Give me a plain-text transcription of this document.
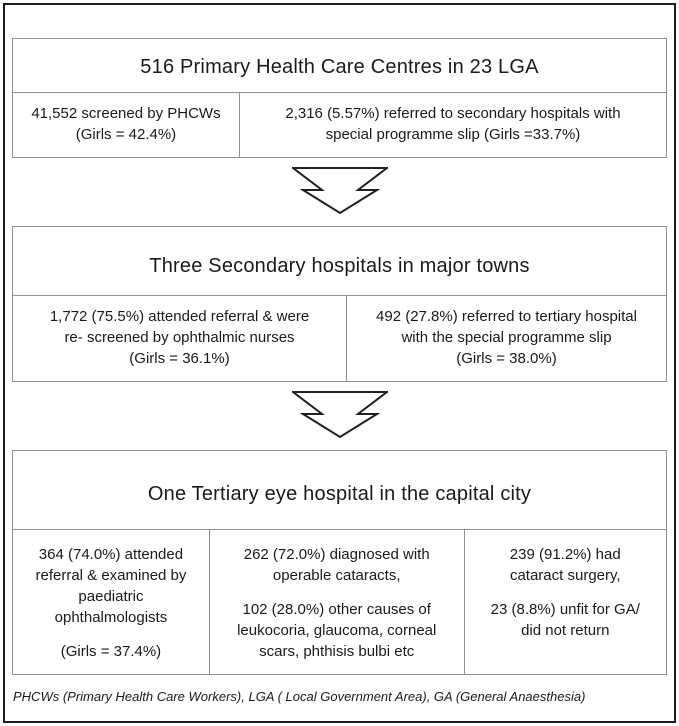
516 Primary Health Care Centres in 23 LGA
41,552 screened by PHCWs
(Girls = 42.4%)
2,316 (5.57%) referred to secondary hospitals with
special programme slip (Girls =33.7%)
Three Secondary hospitals in major towns
1,772 (75.5%) attended referral & were
re- screened by ophthalmic nurses
(Girls = 36.1%)
492 (27.8%) referred to tertiary hospital
with the special programme slip
(Girls = 38.0%)
One Tertiary eye hospital in the capital city
364 (74.0%) attended
referral & examined by
paediatric
ophthalmologists
(Girls = 37.4%)
262 (72.0%) diagnosed with
operable cataracts,
102 (28.0%) other causes of
leukocoria, glaucoma, corneal
scars, phthisis bulbi etc
239 (91.2%) had
cataract surgery,
23 (8.8%) unfit for GA/
did not return
PHCWs (Primary Health Care Workers), LGA ( Local Government Area), GA (General Anaesthesia)
